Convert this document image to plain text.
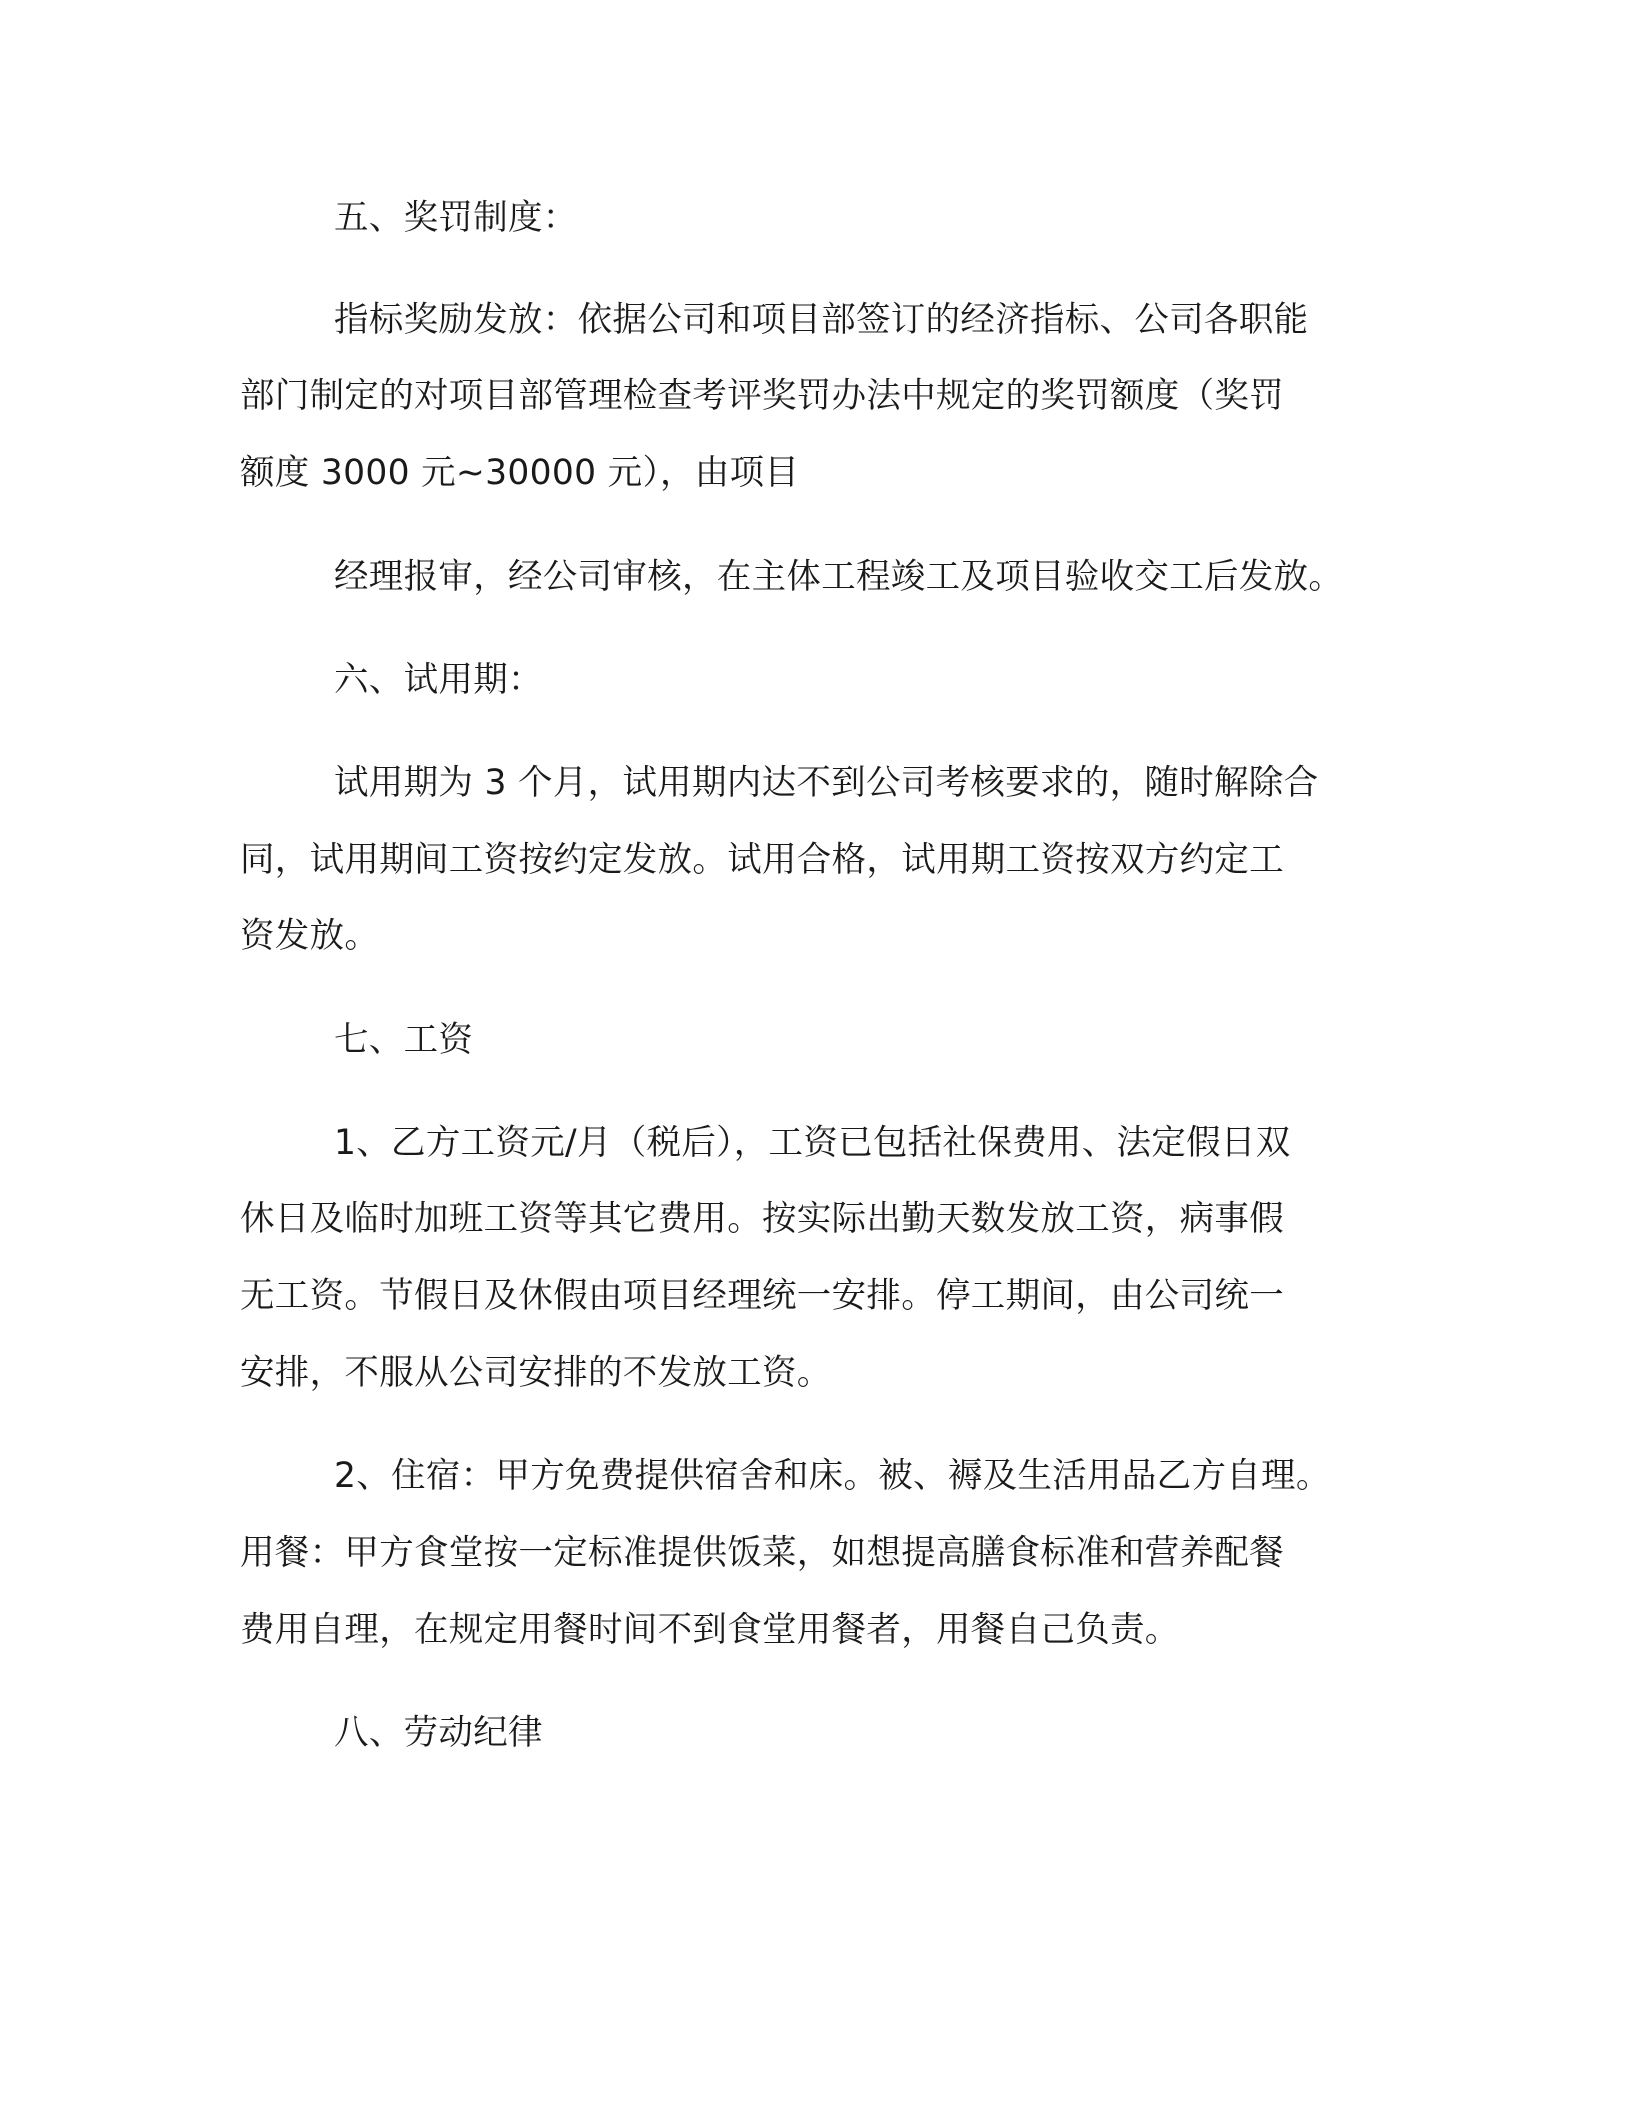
五、奖罚制度：

指标奖励发放：依据公司和项目部签订的经济指标、公司各职能

部门制定的对项目部管理检查考评奖罚办法中规定的奖罚额度（奖罚

额度 3000 元~30000 元），由项目

经理报审，经公司审核，在主体工程竣工及项目验收交工后发放。

六、试用期：

试用期为 3 个月，试用期内达不到公司考核要求的，随时解除合

同，试用期间工资按约定发放。试用合格，试用期工资按双方约定工

资发放。

七、工资

1、乙方工资元/月（税后），工资已包括社保费用、法定假日双

休日及临时加班工资等其它费用。按实际出勤天数发放工资，病事假

无工资。节假日及休假由项目经理统一安排。停工期间，由公司统一

安排，不服从公司安排的不发放工资。

2、住宿：甲方免费提供宿舍和床。被、褥及生活用品乙方自理。

用餐：甲方食堂按一定标准提供饭菜，如想提高膳食标准和营养配餐

费用自理，在规定用餐时间不到食堂用餐者，用餐自己负责。

八、劳动纪律
